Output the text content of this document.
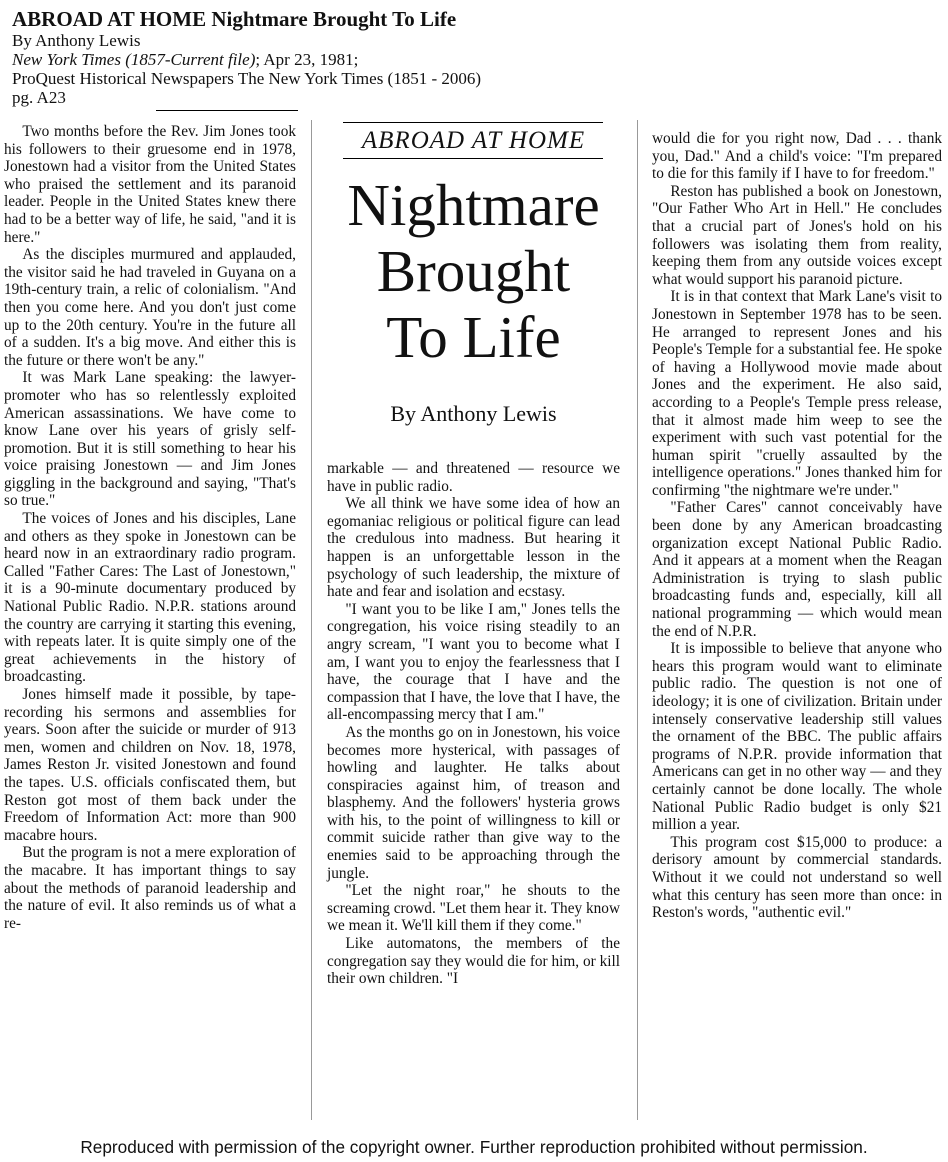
ABROAD AT HOME Nightmare Brought To Life
By Anthony Lewis
New York Times (1857-Current file); Apr 23, 1981;
ProQuest Historical Newspapers The New York Times (1851 - 2006)
pg. A23
ABROAD AT HOME
Nightmare
Brought
To Life
By Anthony Lewis

Two months before the Rev. Jim Jones took his followers to their gruesome end in 1978, Jonestown had a visitor from the United States who praised the settlement and its paranoid leader. People in the United States knew there had to be a better way of life, he said, "and it is here."

As the disciples murmured and applauded, the visitor said he had traveled in Guyana on a 19th-century train, a relic of colonialism. "And then you come here. And you don't just come up to the 20th century. You're in the future all of a sudden. It's a big move. And either this is the future or there won't be any."

It was Mark Lane speaking: the lawyer-promoter who has so relentlessly exploited American assassinations. We have come to know Lane over his years of grisly self-promotion. But it is still something to hear his voice praising Jonestown — and Jim Jones giggling in the background and saying, "That's so true."

The voices of Jones and his disciples, Lane and others as they spoke in Jonestown can be heard now in an extraordinary radio program. Called "Father Cares: The Last of Jonestown," it is a 90-minute documentary produced by National Public Radio. N.P.R. stations around the country are carrying it starting this evening, with repeats later. It is quite simply one of the great achievements in the history of broadcasting.

Jones himself made it possible, by tape-recording his sermons and assemblies for years. Soon after the suicide or murder of 913 men, women and children on Nov. 18, 1978, James Reston Jr. visited Jonestown and found the tapes. U.S. officials confiscated them, but Reston got most of them back under the Freedom of Information Act: more than 900 macabre hours.

But the program is not a mere exploration of the macabre. It has important things to say about the methods of paranoid leadership and the nature of evil. It also reminds us of what a re-

markable — and threatened — resource we have in public radio.

We all think we have some idea of how an egomaniac religious or political figure can lead the credulous into madness. But hearing it happen is an unforgettable lesson in the psychology of such leadership, the mixture of hate and fear and isolation and ecstasy.

"I want you to be like I am," Jones tells the congregation, his voice rising steadily to an angry scream, "I want you to become what I am, I want you to enjoy the fearlessness that I have, the courage that I have and the compassion that I have, the love that I have, the all-encompassing mercy that I am."

As the months go on in Jonestown, his voice becomes more hysterical, with passages of howling and laughter. He talks about conspiracies against him, of treason and blasphemy. And the followers' hysteria grows with his, to the point of willingness to kill or commit suicide rather than give way to the enemies said to be approaching through the jungle.

"Let the night roar," he shouts to the screaming crowd. "Let them hear it. They know we mean it. We'll kill them if they come."

Like automatons, the members of the congregation say they would die for him, or kill their own children. "I

would die for you right now, Dad . . . thank you, Dad." And a child's voice: "I'm prepared to die for this family if I have to for freedom."

Reston has published a book on Jonestown, "Our Father Who Art in Hell." He concludes that a crucial part of Jones's hold on his followers was isolating them from reality, keeping them from any outside voices except what would support his paranoid picture.

It is in that context that Mark Lane's visit to Jonestown in September 1978 has to be seen. He arranged to represent Jones and his People's Temple for a substantial fee. He spoke of having a Hollywood movie made about Jones and the experiment. He also said, according to a People's Temple press release, that it almost made him weep to see the experiment with such vast potential for the human spirit "cruelly assaulted by the intelligence operations." Jones thanked him for confirming "the nightmare we're under."

"Father Cares" cannot conceivably have been done by any American broadcasting organization except National Public Radio. And it appears at a moment when the Reagan Administration is trying to slash public broadcasting funds and, especially, kill all national programming — which would mean the end of N.P.R.

It is impossible to believe that anyone who hears this program would want to eliminate public radio. The question is not one of ideology; it is one of civilization. Britain under intensely conservative leadership still values the ornament of the BBC. The public affairs programs of N.P.R. provide information that Americans can get in no other way — and they certainly cannot be done locally. The whole National Public Radio budget is only $21 million a year.

This program cost $15,000 to produce: a derisory amount by commercial standards. Without it we could not understand so well what this century has seen more than once: in Reston's words, "authentic evil."

Reproduced with permission of the copyright owner. Further reproduction prohibited without permission.
